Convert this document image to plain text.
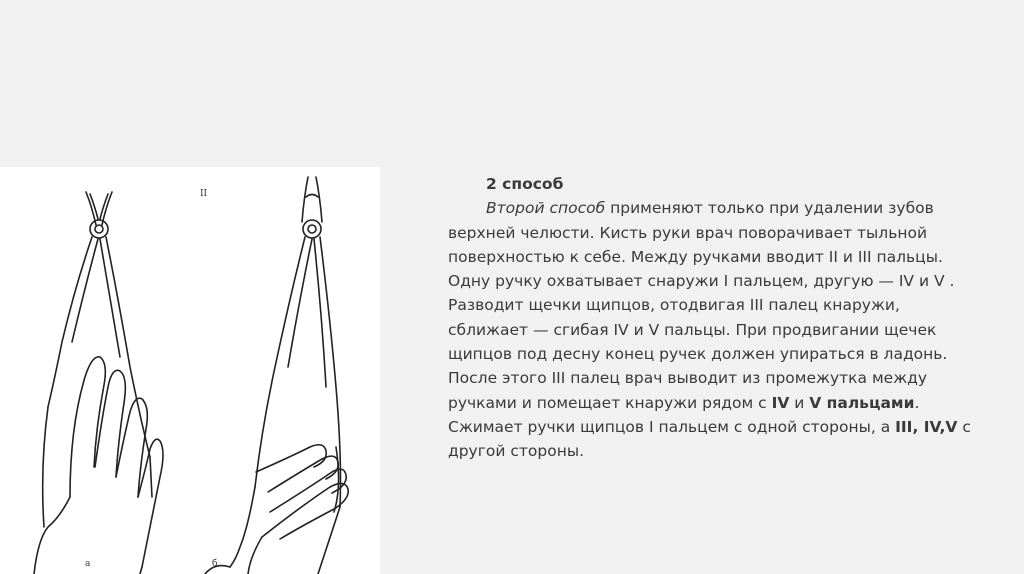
ІІ
а	б
2 способ

Второй способ применяют только при удалении зубов верхней челюсти. Кисть руки врач поворачивает тыльной поверхностью к себе. Между ручками вводит II и III пальцы. Одну ручку охватывает снаружи I пальцем, другую — IV и V . Разводит щечки щипцов, отодвигая III палец кнаружи, сближает — сгибая IV и V пальцы. При продвигании щечек щипцов под десну конец ручек должен упираться в ладонь. После этого III палец врач выводит из промежутка между ручками и помещает кнаружи рядом с IV и V пальцами. Сжимает ручки щипцов I пальцем с одной стороны, а III, IV,V с другой стороны.
